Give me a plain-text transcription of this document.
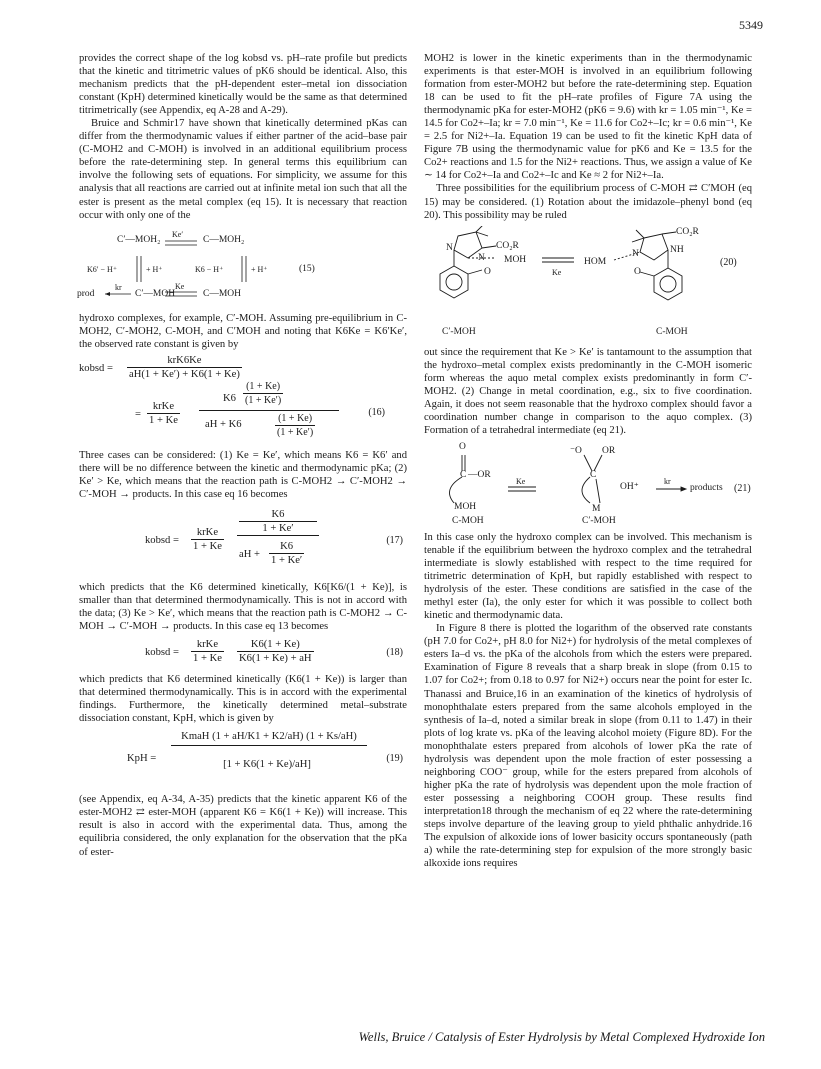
5349

provides the correct shape of the log kobsd vs. pH–rate profile but predicts that the kinetic and titrimetric values of pK6 should be identical. Also, this mechanism predicts that the pH-dependent ester–metal ion dissociation constant (KpH) determined kinetically would be the same as that determined titrimetrically (see Appendix, eq A-28 and A-29).

Bruice and Schmir17 have shown that kinetically determined pKas can differ from the thermodynamic values if either partner of the acid–base pair (C-MOH2 and C-MOH) is involved in an additional equilibrium process before the rate-determining step. In general terms this equilibrium can involve the following sets of equations. For simplicity, we assume for this analysis that all reactions are carried out at infinite metal ion such that all the ester is present as the metal complex (eq 15). It is necessary that reaction occur with only one of the

C′—MOH₂
Ke′
C—MOH₂
K6′ − H⁺	+ H⁺	K6 − H⁺	+ H⁺	(15)
prod
kr
C′—MOH
Ke
C—MOH

hydroxo complexes, for example, C′-MOH. Assuming pre-equilibrium in C-MOH2, C′-MOH2, C-MOH, and C′MOH and noting that K6Ke = K6′Ke′, the observed rate constant is given by

kobsd =
krK6Ke
aH(1 + Ke′) + K6(1 + Ke)
=
krKe
1 + Ke
$K6 \frac{(1 + Ke)}{(1 + Ke')}$
aH + K6	$\frac{(1 + Ke)}{(1 + Ke')}$	(16)

Three cases can be considered: (1) Ke = Ke′, which means K6 = K6′ and there will be no difference between the kinetic and thermodynamic pKa; (2) Ke′ > Ke, which means that the reaction path is C-MOH2 → C′-MOH2 → C′-MOH → products. In this case eq 16 becomes

kobsd =
krKe
1 + Ke
K6
1 + Ke′
aH + $\frac{K6}{1 + Ke'}$	(17)

which predicts that the K6 determined kinetically, K6[K6/(1 + Ke)], is smaller than that determined thermodynamically. This is not in accord with the data; (3) Ke > Ke′, which means that the reaction path is C-MOH2 → C-MOH → C′-MOH → products. In this case eq 13 becomes

kobsd =
krKe
1 + Ke $\frac{K6(1 + Ke)}{K6(1 + Ke) + aH}$	(18)

which predicts that K6 determined kinetically (K6(1 + Ke)) is larger than that determined thermodynamically. This is in accord with the experimental findings. Furthermore, the kinetically determined metal–substrate dissociation constant, KpH, which is given by

KpH =
KmaH (1 + aH/K1 + K2/aH) (1 + Ks/aH)
[1 + K6(1 + Ke)/aH]
(19)

(see Appendix, eq A-34, A-35) predicts that the kinetic apparent K6 of the ester-MOH2 ⇄ ester-MOH (apparent K6 = K6(1 + Ke)) will increase. This result is also in accord with the experimental data. Thus, among the equilibria considered, the only explanation for the observation that the pKa of ester-

MOH2 is lower in the kinetic experiments than in the thermodynamic experiments is that ester-MOH is involved in an equilibrium following formation from ester-MOH2 but before the rate-determining step. Equation 18 can be used to fit the pH–rate profiles of Figure 7A using the thermodynamic pKa for ester-MOH2 (pK6 = 9.6) with kr = 1.05 min⁻¹, Ke = 14.5 for Co2+–Ia; kr = 7.0 min⁻¹, Ke = 11.6 for Co2+–Ic; kr = 0.6 min⁻¹, Ke = 2.5 for Ni2+–Ia. Equation 19 can be used to fit the kinetic KpH data of Figure 7B using the thermodynamic value for pK6 and Ke = 13.5 for the Co2+ reactions and 1.5 for the Ni2+ reactions. Thus, we assign a value of Ke ∼ 14 for Co2+–Ia and Co2+–Ic and Ke ≈ 2 for Ni2+–Ia.

Three possibilities for the equilibrium process of C-MOH ⇄ C′MOH (eq 15) may be considered. (1) Rotation about the imidazole–phenyl bond (eq 20). This possibility may be ruled

CO₂R
N
N MOH
Ke
HOM
CO₂R
N	NH
O	O
C′-MOH	C-MOH
(20)

out since the requirement that Ke > Ke′ is tantamount to the assumption that the hydroxo–metal complex exists predominantly in the C-MOH isomeric form whereas the aquo metal complex exists predominantly in form C′-MOH2. (2) Change in metal coordination, e.g., six to five coordination. Again, it does not seem reasonable that the hydroxo complex should favor a coordination number change in comparison to the aquo complex. (3) Formation of a tetrahedral intermediate (eq 21).

O
C —OR
MOH
Ke
⁻O OR
C
OH⁺
M
kr
products
C-MOH	C′-MOH
(21)

In this case only the hydroxo complex can be involved. This mechanism is tenable if the equilibrium between the hydroxo complex and the tetrahedral intermediate is slowly established with respect to the time required for titrimetric determination of KpH, but rapidly established with respect to hydrolysis of the ester. These conditions are satisfied in the case of the methyl ester (Ia), the only ester for which it was possible to collect both kinetic and thermodynamic data.

In Figure 8 there is plotted the logarithm of the observed rate constants (pH 7.0 for Co2+, pH 8.0 for Ni2+) for hydrolysis of the metal complexes of esters Ia–d vs. the pKa of the alcohols from which the esters were prepared. Examination of Figure 8 reveals that a sharp break in slope (from 0.15 to 1.07 for Co2+; from 0.18 to 0.97 for Ni2+) occurs near the point for ester Ic. Thanassi and Bruice,16 in an examination of the kinetics of hydrolysis of monophthalate esters prepared from the same alcohols employed in the synthesis of Ia–d, noted a similar break in slope (from 0.11 to 1.47) in their plots of log krate vs. pKa of the leaving alcohol moiety (Figure 8D). For the monophthalate esters prepared from alcohols of lower pKa the rate of hydrolysis was dependent upon the mole fraction of ester possessing a neighboring COO⁻ group, while for the esters prepared from alcohols of higher pKa the rate of hydrolysis was dependent upon the mole fraction of ester possessing a neighboring COOH group. These results find interpretation18 through the mechanism of eq 22 where the rate-determining steps involve departure of the leaving group to yield phthalic anhydride.16 The expulsion of alkoxide ions of lower basicity occurs spontaneously (path a) while the rate-determining step for expulsion of the more strongly basic alkoxide ions requires

Wells, Bruice / Catalysis of Ester Hydrolysis by Metal Complexed Hydroxide Ion
